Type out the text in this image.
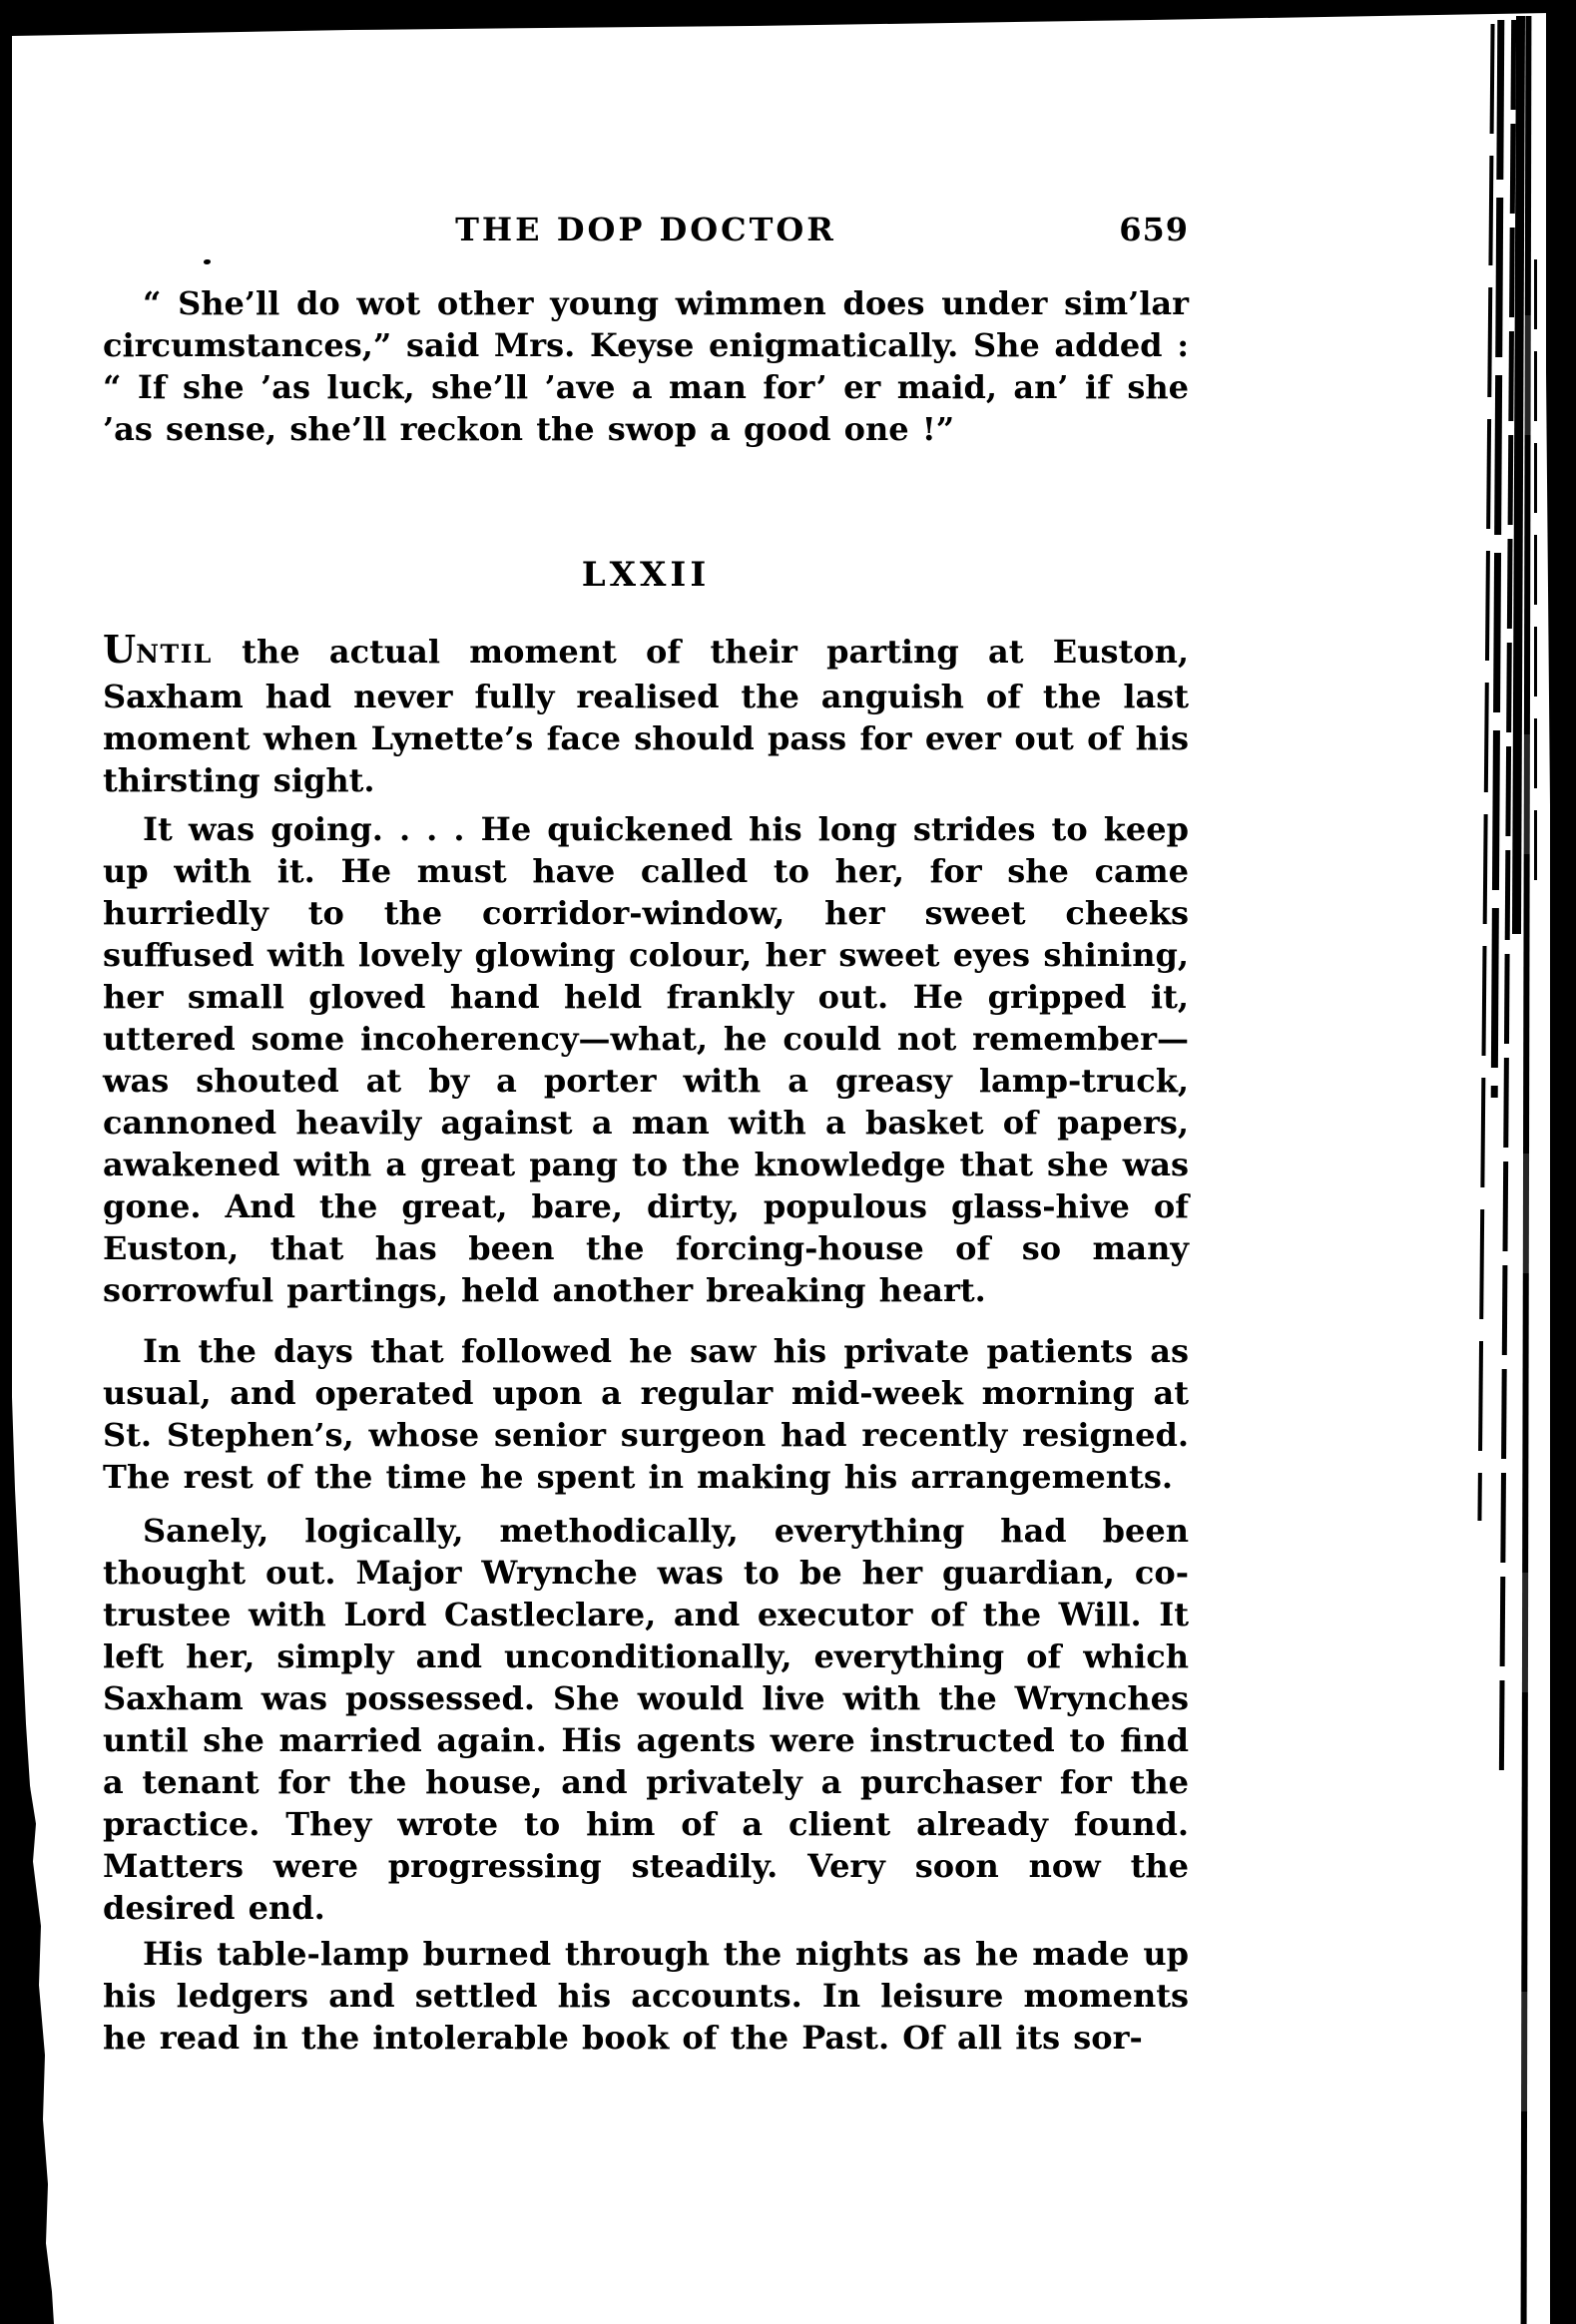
THE DOP DOCTOR	659

“ She’ll do wot other young wimmen does under sim’lar circumstances,” said Mrs. Keyse enigmatically. She added : “ If she ’as luck, she’ll ’ave a man for’ er maid, an’ if she ’as sense, she’ll reckon the swop a good one !”

LXXII

UNTIL the actual moment of their parting at Euston, Saxham had never fully realised the anguish of the last moment when Lynette’s face should pass for ever out of his thirsting sight.

It was going. . . . He quickened his long strides to keep up with it. He must have called to her, for she came hurriedly to the corridor-window, her sweet cheeks suffused with lovely glowing colour, her sweet eyes shining, her small gloved hand held frankly out. He gripped it, uttered some incoherency—what, he could not remember—was shouted at by a porter with a greasy lamp-truck, cannoned heavily against a man with a basket of papers, awakened with a great pang to the knowledge that she was gone. And the great, bare, dirty, populous glass-hive of Euston, that has been the forcing-house of so many sorrowful partings, held another breaking heart.

In the days that followed he saw his private patients as usual, and operated upon a regular mid-week morning at St. Stephen’s, whose senior surgeon had recently resigned. The rest of the time he spent in making his arrangements.

Sanely, logically, methodically, everything had been thought out. Major Wrynche was to be her guardian, co-trustee with Lord Castleclare, and executor of the Will. It left her, simply and unconditionally, everything of which Saxham was possessed. She would live with the Wrynches until she married again. His agents were instructed to find a tenant for the house, and privately a purchaser for the practice. They wrote to him of a client already found. Matters were progressing steadily. Very soon now the desired end.

His table-lamp burned through the nights as he made up his ledgers and settled his accounts. In leisure moments he read in the intolerable book of the Past. Of all its sor-
